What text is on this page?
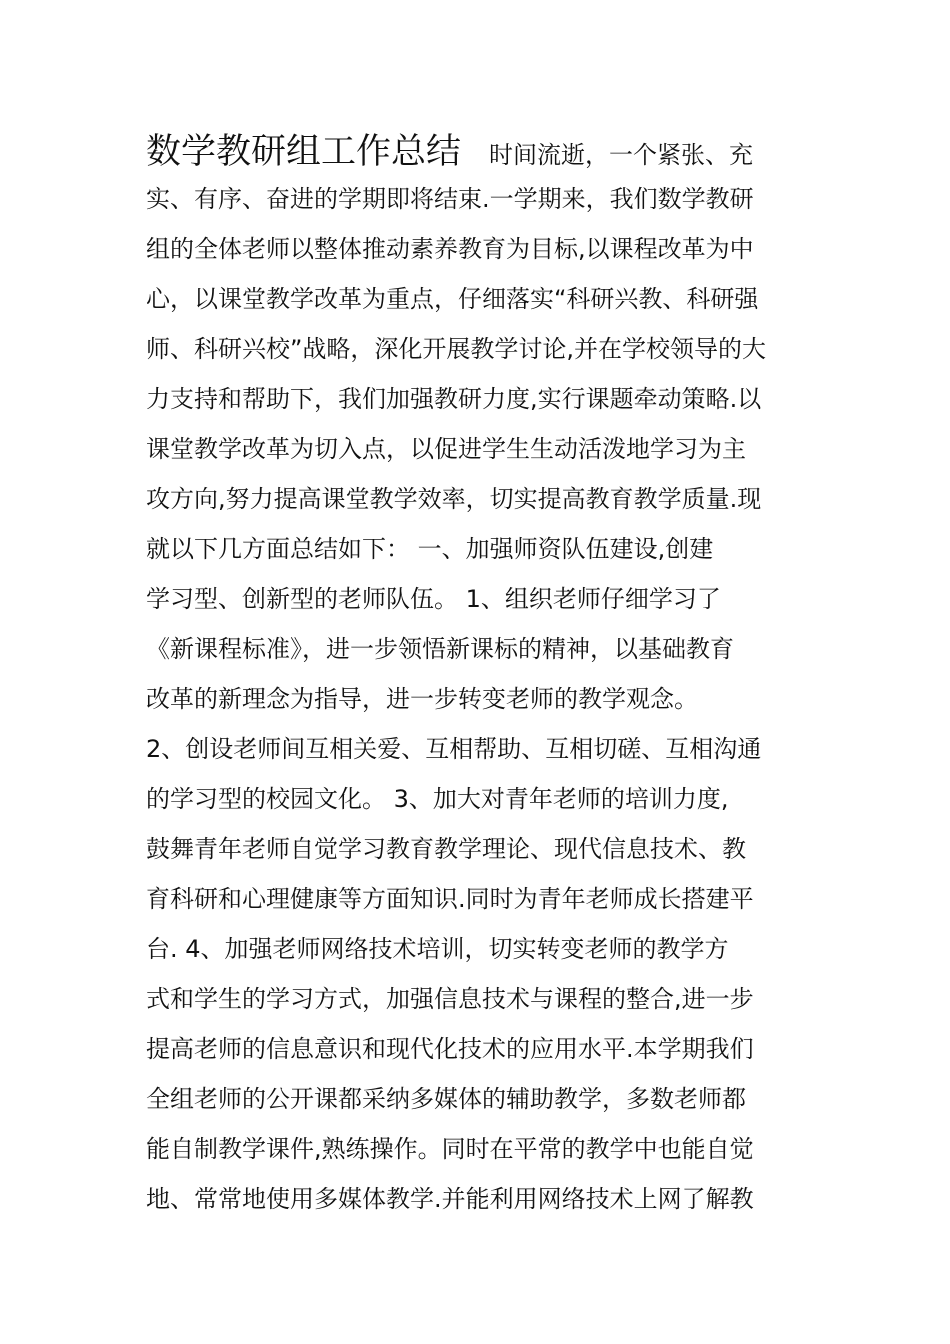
数学教研组工作总结 时间流逝，一个紧张、充
实、有序、奋进的学期即将结束.一学期来，我们数学教研
组的全体老师以整体推动素养教育为目标,以课程改革为中
心，以课堂教学改革为重点，仔细落实“科研兴教、科研强
师、科研兴校”战略，深化开展教学讨论,并在学校领导的大
力支持和帮助下，我们加强教研力度,实行课题牵动策略.以
课堂教学改革为切入点，以促进学生生动活泼地学习为主
攻方向,努力提高课堂教学效率，切实提高教育教学质量.现
就以下几方面总结如下： 一、加强师资队伍建设,创建
学习型、创新型的老师队伍。 1、组织老师仔细学习了
《新课程标准》，进一步领悟新课标的精神，以基础教育
改革的新理念为指导，进一步转变老师的教学观念。
2、创设老师间互相关爱、互相帮助、互相切磋、互相沟通
的学习型的校园文化。 3、加大对青年老师的培训力度,
鼓舞青年老师自觉学习教育教学理论、现代信息技术、教
育科研和心理健康等方面知识.同时为青年老师成长搭建平
台. 4、加强老师网络技术培训，切实转变老师的教学方
式和学生的学习方式，加强信息技术与课程的整合,进一步
提高老师的信息意识和现代化技术的应用水平.本学期我们
全组老师的公开课都采纳多媒体的辅助教学，多数老师都
能自制教学课件,熟练操作。同时在平常的教学中也能自觉
地、常常地使用多媒体教学.并能利用网络技术上网了解教
